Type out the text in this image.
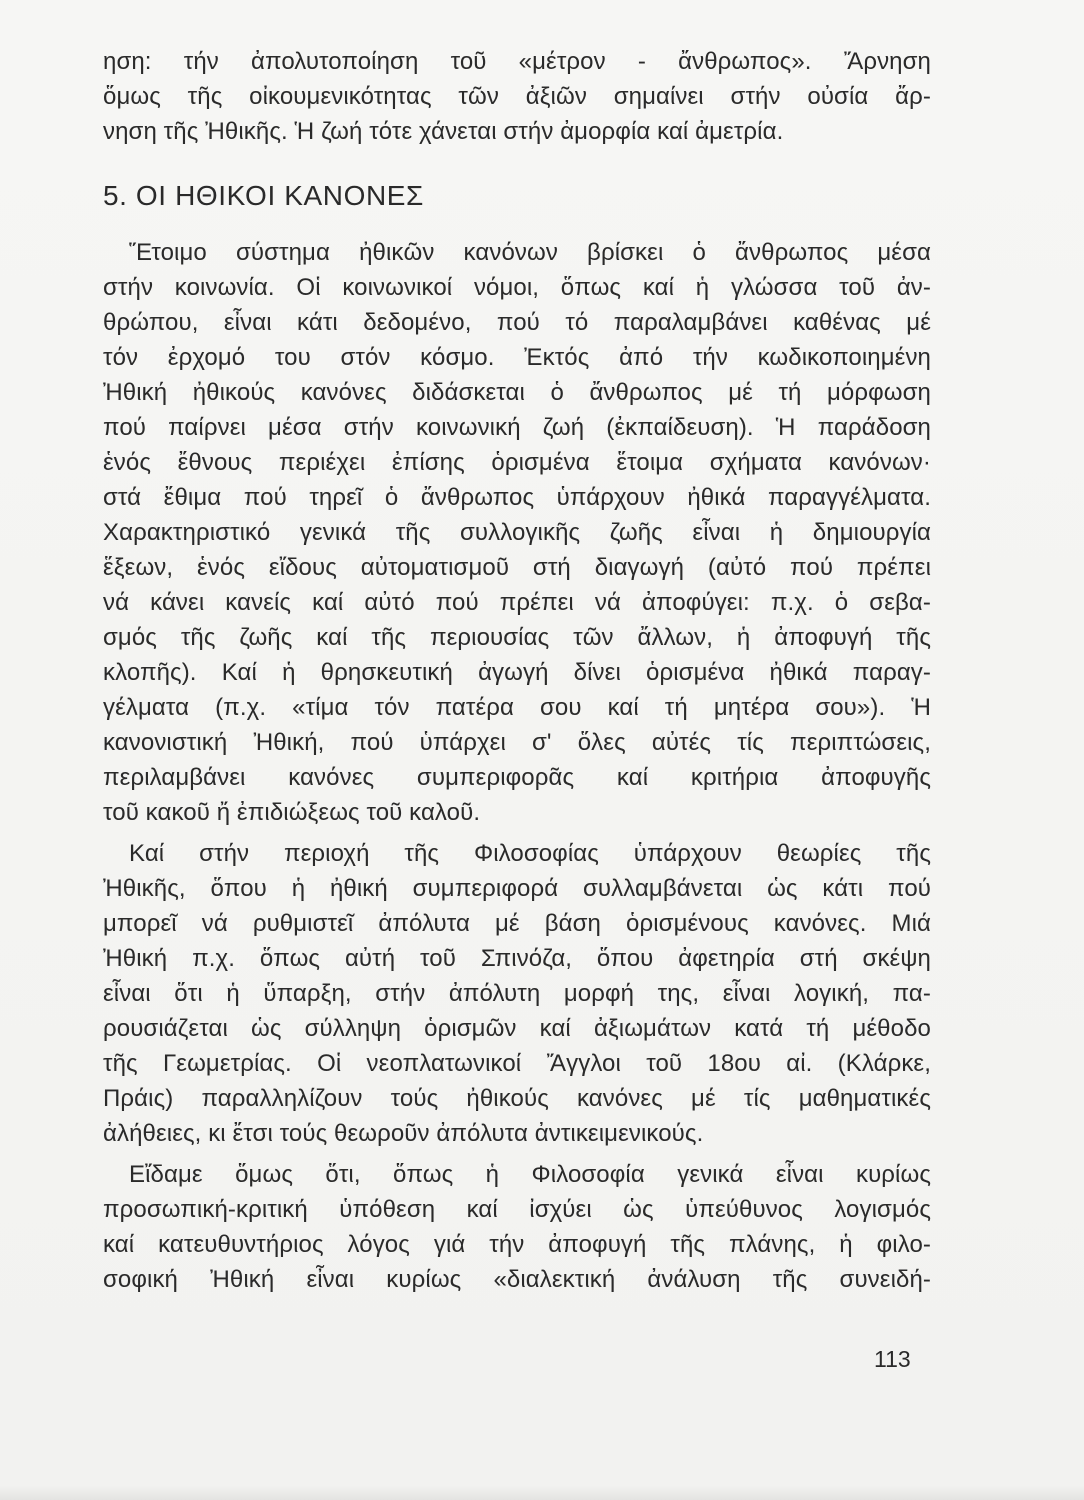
ηση: τήν ἀπολυτοποίηση τοῦ «μέτρον - ἄνθρωπος». Ἄρνηση
ὅμως τῆς οἰκουμενικότητας τῶν ἀξιῶν σημαίνει στήν οὐσία ἄρ-
νηση τῆς Ἠθικῆς. Ἡ ζωή τότε χάνεται στήν ἀμορφία καί ἀμετρία.
5. ΟΙ ΗΘΙΚΟΙ ΚΑΝΟΝΕΣ
Ἕτοιμο σύστημα ἠθικῶν κανόνων βρίσκει ὁ ἄνθρωπος μέσα
στήν κοινωνία. Οἱ κοινωνικοί νόμοι, ὅπως καί ἡ γλώσσα τοῦ ἀν-
θρώπου, εἶναι κάτι δεδομένο, πού τό παραλαμβάνει καθένας μέ
τόν ἐρχομό του στόν κόσμο. Ἐκτός ἀπό τήν κωδικοποιημένη
Ἠθική ἠθικούς κανόνες διδάσκεται ὁ ἄνθρωπος μέ τή μόρφωση
πού παίρνει μέσα στήν κοινωνική ζωή (ἐκπαίδευση). Ἡ παράδοση
ἑνός ἔθνους περιέχει ἐπίσης ὁρισμένα ἕτοιμα σχήματα κανόνων·
στά ἔθιμα πού τηρεῖ ὁ ἄνθρωπος ὑπάρχουν ἠθικά παραγγέλματα.
Χαρακτηριστικό γενικά τῆς συλλογικῆς ζωῆς εἶναι ἡ δημιουργία
ἕξεων, ἑνός εἴδους αὐτοματισμοῦ στή διαγωγή (αὐτό πού πρέπει
νά κάνει κανείς καί αὐτό πού πρέπει νά ἀποφύγει: π.χ. ὁ σεβα-
σμός τῆς ζωῆς καί τῆς περιουσίας τῶν ἄλλων, ἡ ἀποφυγή τῆς
κλοπῆς). Καί ἡ θρησκευτική ἀγωγή δίνει ὁρισμένα ἠθικά παραγ-
γέλματα (π.χ. «τίμα τόν πατέρα σου καί τή μητέρα σου»). Ἡ
κανονιστική Ἠθική, πού ὑπάρχει σ' ὅλες αὐτές τίς περιπτώσεις,
περιλαμβάνει κανόνες συμπεριφορᾶς καί κριτήρια ἀποφυγῆς
τοῦ κακοῦ ἤ ἐπιδιώξεως τοῦ καλοῦ.
Καί στήν περιοχή τῆς Φιλοσοφίας ὑπάρχουν θεωρίες τῆς
Ἠθικῆς, ὅπου ἡ ἠθική συμπεριφορά συλλαμβάνεται ὡς κάτι πού
μπορεῖ νά ρυθμιστεῖ ἀπόλυτα μέ βάση ὁρισμένους κανόνες. Μιά
Ἠθική π.χ. ὅπως αὐτή τοῦ Σπινόζα, ὅπου ἀφετηρία στή σκέψη
εἶναι ὅτι ἡ ὕπαρξη, στήν ἀπόλυτη μορφή της, εἶναι λογική, πα-
ρουσιάζεται ὡς σύλληψη ὁρισμῶν καί ἀξιωμάτων κατά τή μέθοδο
τῆς Γεωμετρίας. Οἱ νεοπλατωνικοί Ἄγγλοι τοῦ 18ου αἰ. (Κλάρκε,
Πράις) παραλληλίζουν τούς ἠθικούς κανόνες μέ τίς μαθηματικές
ἀλήθειες, κι ἔτσι τούς θεωροῦν ἀπόλυτα ἀντικειμενικούς.
Εἴδαμε ὅμως ὅτι, ὅπως ἡ Φιλοσοφία γενικά εἶναι κυρίως
προσωπική-κριτική ὑπόθεση καί ἰσχύει ὡς ὑπεύθυνος λογισμός
καί κατευθυντήριος λόγος γιά τήν ἀποφυγή τῆς πλάνης, ἡ φιλο-
σοφική Ἠθική εἶναι κυρίως «διαλεκτική ἀνάλυση τῆς συνειδή-
113
